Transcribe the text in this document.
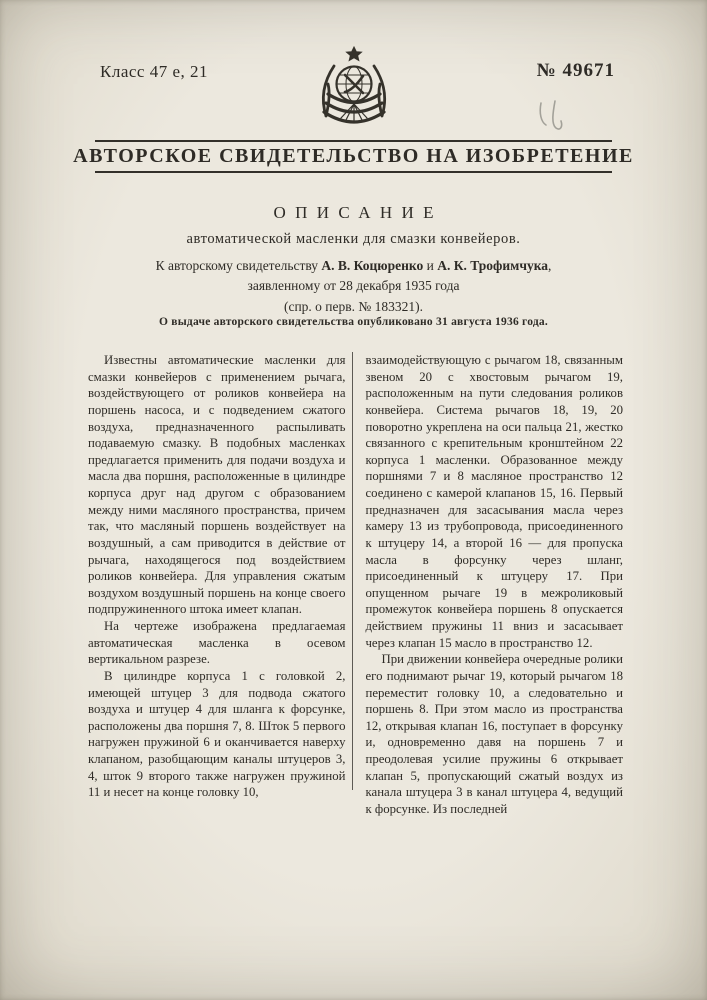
Класс 47 е, 21	№ 49671
АВТОРСКОЕ СВИДЕТЕЛЬСТВО НА ИЗОБРЕТЕНИЕ
ОПИСАНИЕ
автоматической масленки для смазки конвейеров.
К авторскому свидетельству А. В. Коцюренко и А. К. Трофимчука, заявленному от 28 декабря 1935 года
(спр. о перв. № 183321).
О выдаче авторского свидетельства опубликовано 31 августа 1936 года.

Известны автоматические масленки для смазки конвейеров с применением рычага, воздействующего от роликов конвейера на поршень насоса, и с подведением сжатого воздуха, предназначенного распыливать подаваемую смазку. В подобных масленках предлагается применить для подачи воздуха и масла два поршня, расположенные в цилиндре корпуса друг над другом с образованием между ними масляного пространства, причем так, что масляный поршень воздействует на воздушный, а сам приводится в действие от рычага, находящегося под воздействием роликов конвейера. Для управления сжатым воздухом воздушный поршень на конце своего подпружиненного штока имеет клапан.

На чертеже изображена предлагаемая автоматическая масленка в осевом вертикальном разрезе.

В цилиндре корпуса 1 с головкой 2, имеющей штуцер 3 для подвода сжатого воздуха и штуцер 4 для шланга к форсунке, расположены два поршня 7, 8. Шток 5 первого нагружен пружиной 6 и оканчивается наверху клапаном, разобщающим каналы штуцеров 3, 4, шток 9 второго также нагружен пружиной 11 и несет на конце головку 10,

взаимодействующую с рычагом 18, связанным звеном 20 с хвостовым рычагом 19, расположенным на пути следования роликов конвейера. Система рычагов 18, 19, 20 поворотно укреплена на оси пальца 21, жестко связанного с крепительным кронштейном 22 корпуса 1 масленки. Образованное между поршнями 7 и 8 масляное пространство 12 соединено с камерой клапанов 15, 16. Первый предназначен для засасывания масла через камеру 13 из трубопровода, присоединенного к штуцеру 14, а второй 16 — для пропуска масла в форсунку через шланг, присоединенный к штуцеру 17. При опущенном рычаге 19 в межроликовый промежуток конвейера поршень 8 опускается действием пружины 11 вниз и засасывает через клапан 15 масло в пространство 12.

При движении конвейера очередные ролики его поднимают рычаг 19, который рычагом 18 переместит головку 10, а следовательно и поршень 8. При этом масло из пространства 12, открывая клапан 16, поступает в форсунку и, одновременно давя на поршень 7 и преодолевая усилие пружины 6 открывает клапан 5, пропускающий сжатый воздух из канала штуцера 3 в канал штуцера 4, ведущий к форсунке. Из последней
